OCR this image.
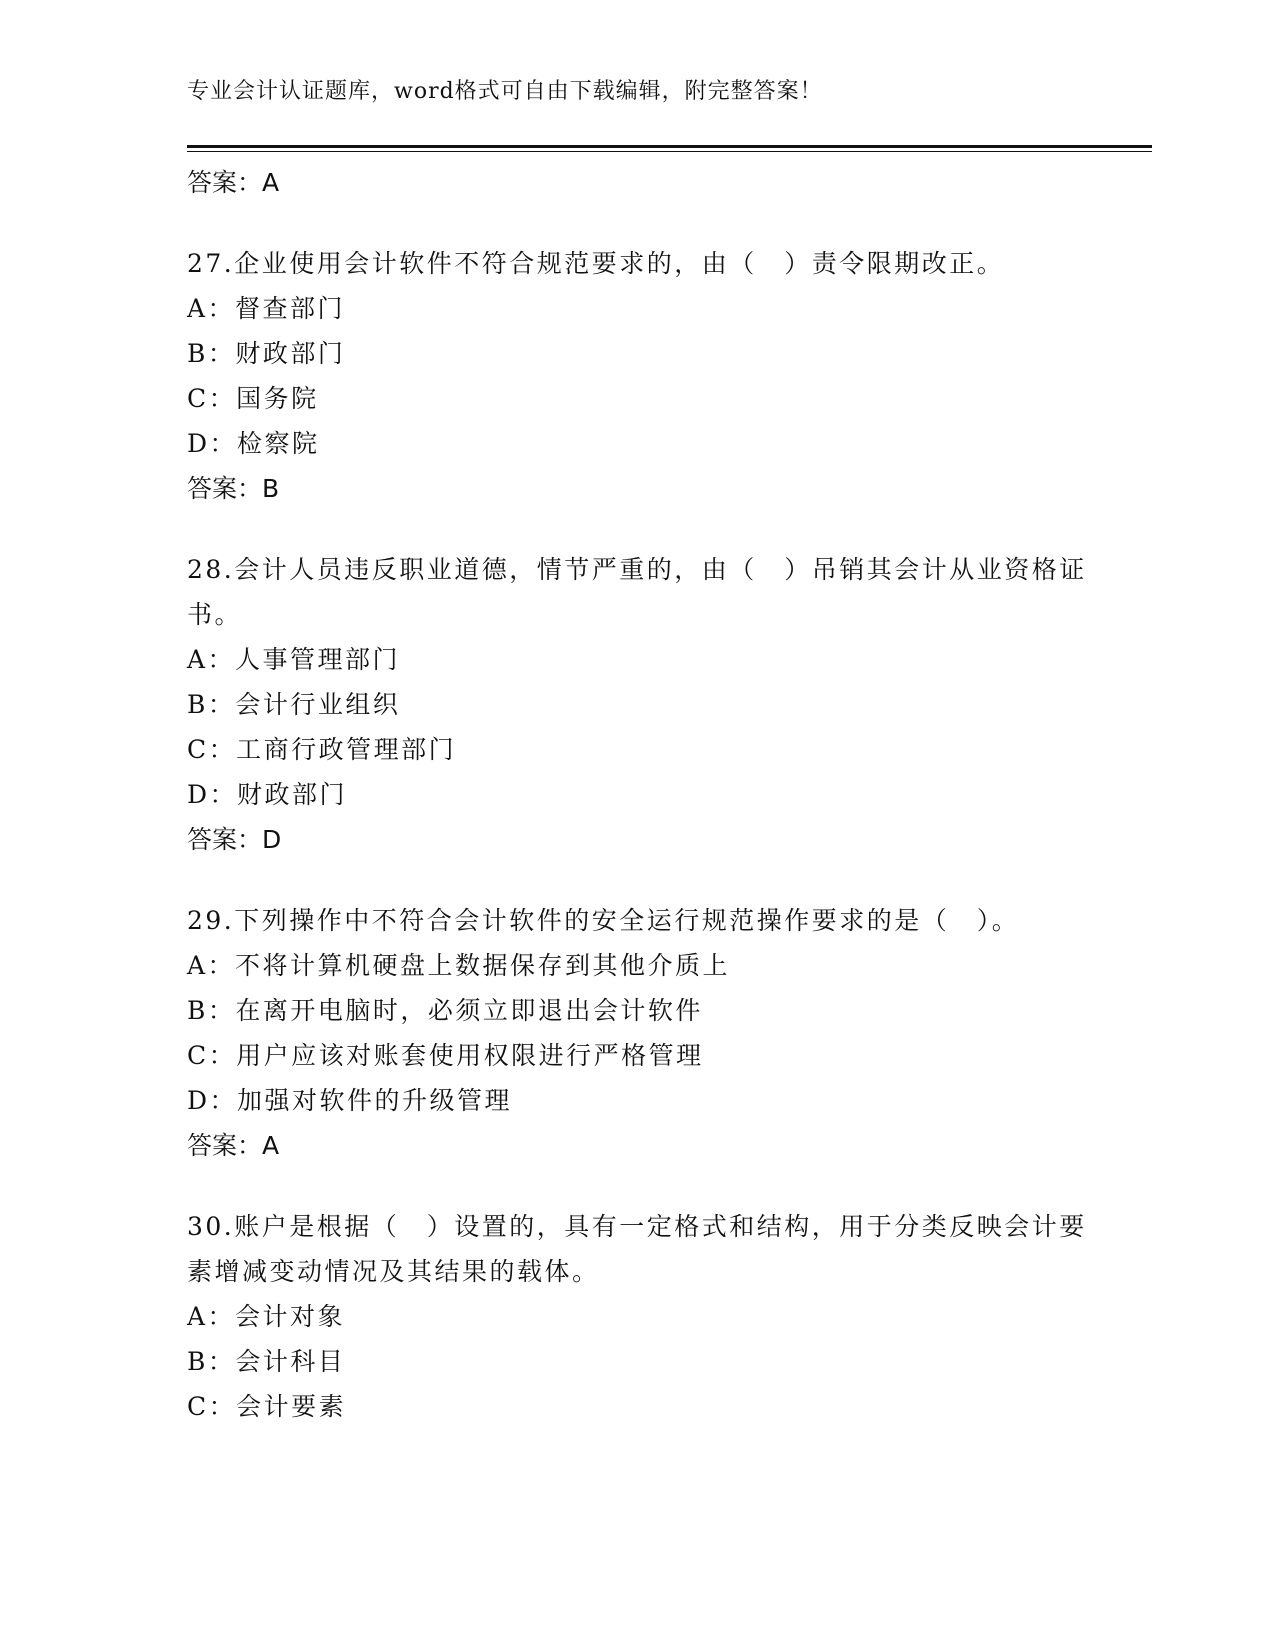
专业会计认证题库，word格式可自由下载编辑，附完整答案！
答案：A
27.企业使用会计软件不符合规范要求的，由（　）责令限期改正。
A：督查部门
B：财政部门
C：国务院
D：检察院
答案：B
28.会计人员违反职业道德，情节严重的，由（　）吊销其会计从业资格证书。
A：人事管理部门
B：会计行业组织
C：工商行政管理部门
D：财政部门
答案：D
29.下列操作中不符合会计软件的安全运行规范操作要求的是（　）。
A：不将计算机硬盘上数据保存到其他介质上
B：在离开电脑时，必须立即退出会计软件
C：用户应该对账套使用权限进行严格管理
D：加强对软件的升级管理
答案：A
30.账户是根据（　）设置的，具有一定格式和结构，用于分类反映会计要素增减变动情况及其结果的载体。
A：会计对象
B：会计科目
C：会计要素
